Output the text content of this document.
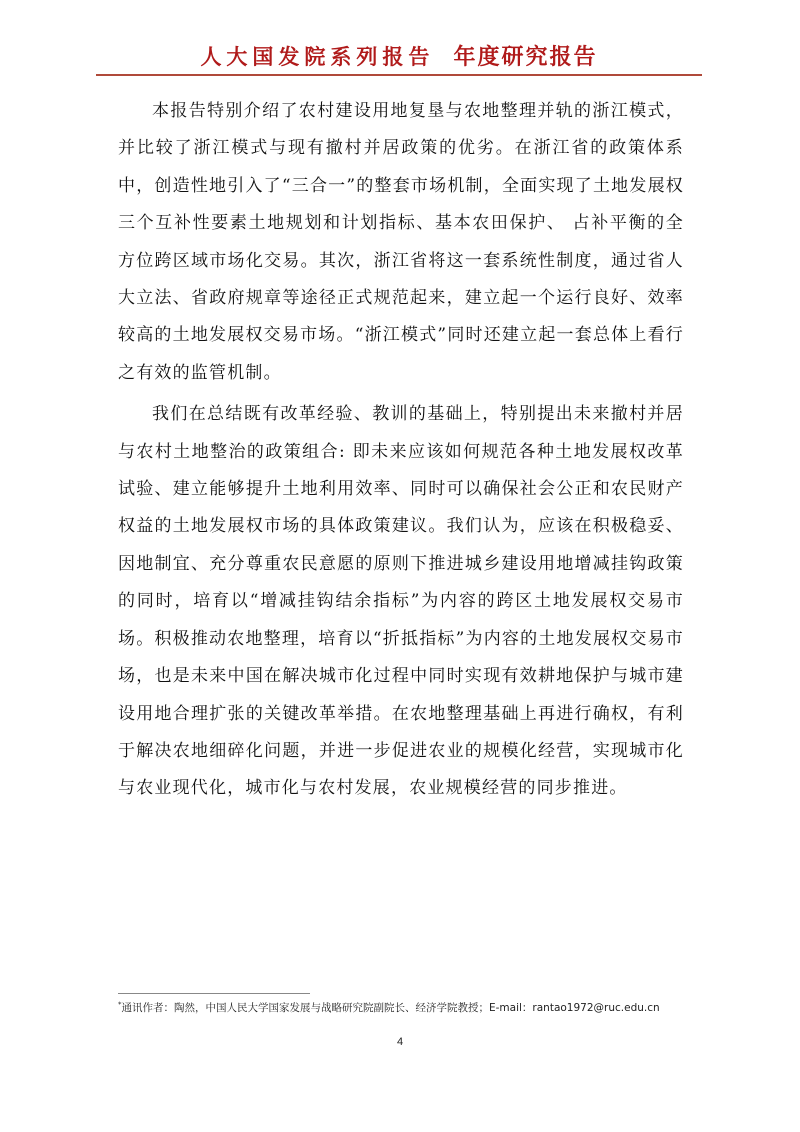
人大国发院系列报告 年度研究报告

本报告特别介绍了农村建设用地复垦与农地整理并轨的浙江模式，并比较了浙江模式与现有撤村并居政策的优劣。在浙江省的政策体系中，创造性地引入了“三合一”的整套市场机制，全面实现了土地发展权三个互补性要素土地规划和计划指标、基本农田保护、 占补平衡的全方位跨区域市场化交易。其次，浙江省将这一套系统性制度，通过省人大立法、省政府规章等途径正式规范起来，建立起一个运行良好、效率较高的土地发展权交易市场。“浙江模式”同时还建立起一套总体上看行之有效的监管机制。

我们在总结既有改革经验、教训的基础上，特别提出未来撤村并居与农村土地整治的政策组合: 即未来应该如何规范各种土地发展权改革试验、建立能够提升土地利用效率、同时可以确保社会公正和农民财产权益的土地发展权市场的具体政策建议。我们认为，应该在积极稳妥、因地制宜、充分尊重农民意愿的原则下推进城乡建设用地增减挂钩政策的同时，培育以“增减挂钩结余指标”为内容的跨区土地发展权交易市场。积极推动农地整理，培育以“折抵指标”为内容的土地发展权交易市场，也是未来中国在解决城市化过程中同时实现有效耕地保护与城市建设用地合理扩张的关键改革举措。在农地整理基础上再进行确权，有利于解决农地细碎化问题，并进一步促进农业的规模化经营，实现城市化与农业现代化，城市化与农村发展，农业规模经营的同步推进。

*通讯作者：陶然，中国人民大学国家发展与战略研究院副院长、经济学院教授；E-mail：rantao1972@ruc.edu.cn
4
